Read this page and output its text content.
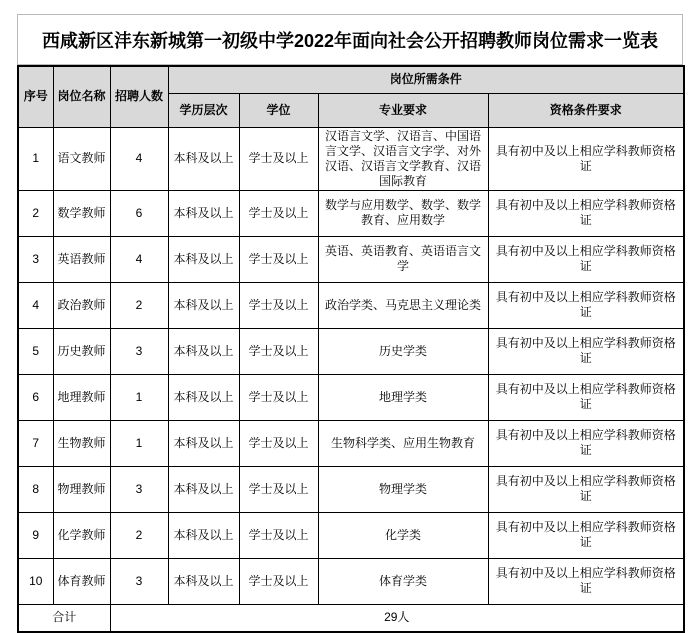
西咸新区沣东新城第一初级中学2022年面向社会公开招聘教师岗位需求一览表
序号	岗位名称	招聘人数	岗位所需条件			
			学历层次	学位	专业要求	资格条件要求
1	语文教师	4	本科及以上	学士及以上	汉语言文学、汉语言、中国语言文学、汉语言文字学、对外汉语、汉语言文学教育、汉语国际教育	具有初中及以上相应学科教师资格证
2	数学教师	6	本科及以上	学士及以上	数学与应用数学、数学、数学教育、应用数学	具有初中及以上相应学科教师资格证
3	英语教师	4	本科及以上	学士及以上	英语、英语教育、英语语言文学	具有初中及以上相应学科教师资格证
4	政治教师	2	本科及以上	学士及以上	政治学类、马克思主义理论类	具有初中及以上相应学科教师资格证
5	历史教师	3	本科及以上	学士及以上	历史学类	具有初中及以上相应学科教师资格证
6	地理教师	1	本科及以上	学士及以上	地理学类	具有初中及以上相应学科教师资格证
7	生物教师	1	本科及以上	学士及以上	生物科学类、应用生物教育	具有初中及以上相应学科教师资格证
8	物理教师	3	本科及以上	学士及以上	物理学类	具有初中及以上相应学科教师资格证
9	化学教师	2	本科及以上	学士及以上	化学类	具有初中及以上相应学科教师资格证
10	体育教师	3	本科及以上	学士及以上	体育学类	具有初中及以上相应学科教师资格证
合计		29人				
